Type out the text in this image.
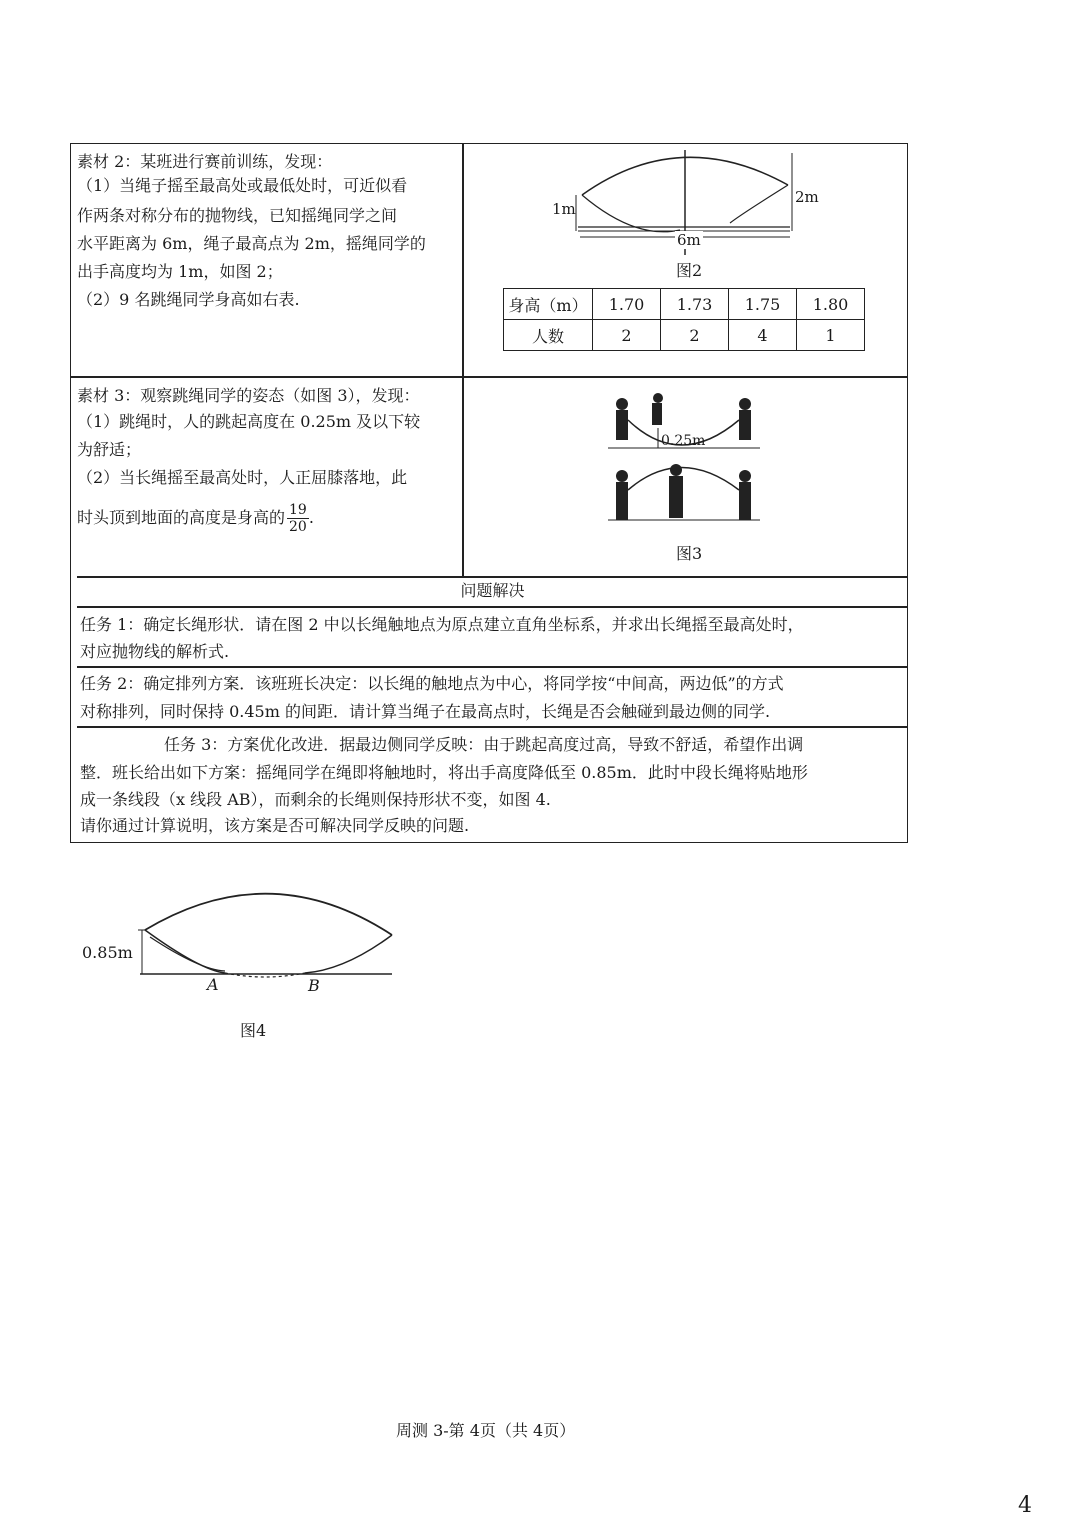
素材 2：某班进行赛前训练，发现：
（1）当绳子摇至最高处或最低处时，可近似看
作两条对称分布的抛物线，已知摇绳同学之间
水平距离为 6m，绳子最高点为 2m，摇绳同学的
出手高度均为 1m，如图 2；
（2）9 名跳绳同学身高如右表.
1m
2m
6m
图2
身高（m）	1.70	1.73	1.75	1.80
人数	2	2	4	1
素材 3：观察跳绳同学的姿态（如图 3），发现：
（1）跳绳时，人的跳起高度在 0.25m 及以下较
为舒适；
（2）当长绳摇至最高处时，人正屈膝落地，此
时头顶到地面的高度是身高的 $\frac{19}{20}$ .
0.25m
图3
问题解决
任务 1：确定长绳形状．请在图 2 中以长绳触地点为原点建立直角坐标系，并求出长绳摇至最高处时，
对应抛物线的解析式.
任务 2：确定排列方案．该班班长决定：以长绳的触地点为中心，将同学按“中间高，两边低”的方式
对称排列，同时保持 0.45m 的间距．请计算当绳子在最高点时，长绳是否会触碰到最边侧的同学.
任务 3：方案优化改进．据最边侧同学反映：由于跳起高度过高，导致不舒适，希望作出调
整．班长给出如下方案：摇绳同学在绳即将触地时，将出手高度降低至 0.85m．此时中段长绳将贴地形
成一条线段（x 线段 AB），而剩余的长绳则保持形状不变，如图 4.
请你通过计算说明，该方案是否可解决同学反映的问题.
0.85m
A	B
图4
周测 3-第 4页（共 4页）
4
